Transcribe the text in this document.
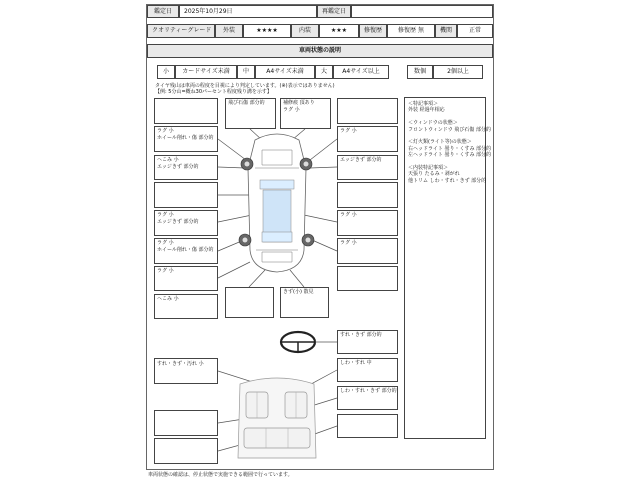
鑑定日	2025年10月29日	再鑑定日
クオリティーグレード	外装	★★★★	内装	★★★	修復歴	修復歴 無	機関	正常
車両状態の説明
小	カードサイズ未満	中	A4サイズ未満	大	A4サイズ以上	数個	2個以上
タイヤ残山は車両の程度を目視により判定しています。(※)表示ではありません)
【例: 5分山=概ね30パーセント程度残り溝を示す】
＜特記事項＞
外装 経過年相応

＜ウィンドウの状態＞
フロントウィンドウ 飛び石傷 部分的

＜灯火類(ライト等)の状態＞
右ヘッドライト 曇り・くすみ 部分的
左ヘッドライト 曇り・くすみ 部分的

＜内装特記事項＞
天張り たるみ・剥がれ
他トリム しわ・すれ・きず 部分的
ラグ 小
ホイール削れ・傷 部分的
ヘこみ 小
エッジきず 部分的
ラグ 小
エッジきず 部分的
ラグ 小
ホイール削れ・傷 部分的
ラグ 小
ヘこみ 小
飛び石傷 部分的	補修痕 頂あり
ラグ 小
ラグ 小
エッジきず 部分的
ラグ 小
ラグ 小
きず(小) 散見
すれ・きず 部分的
すれ・きず・汚れ 小	しわ・すれ 中
しわ・すれ・きず 部分的
車両状態の確認は、停止状態で実施できる範囲で行っています。
